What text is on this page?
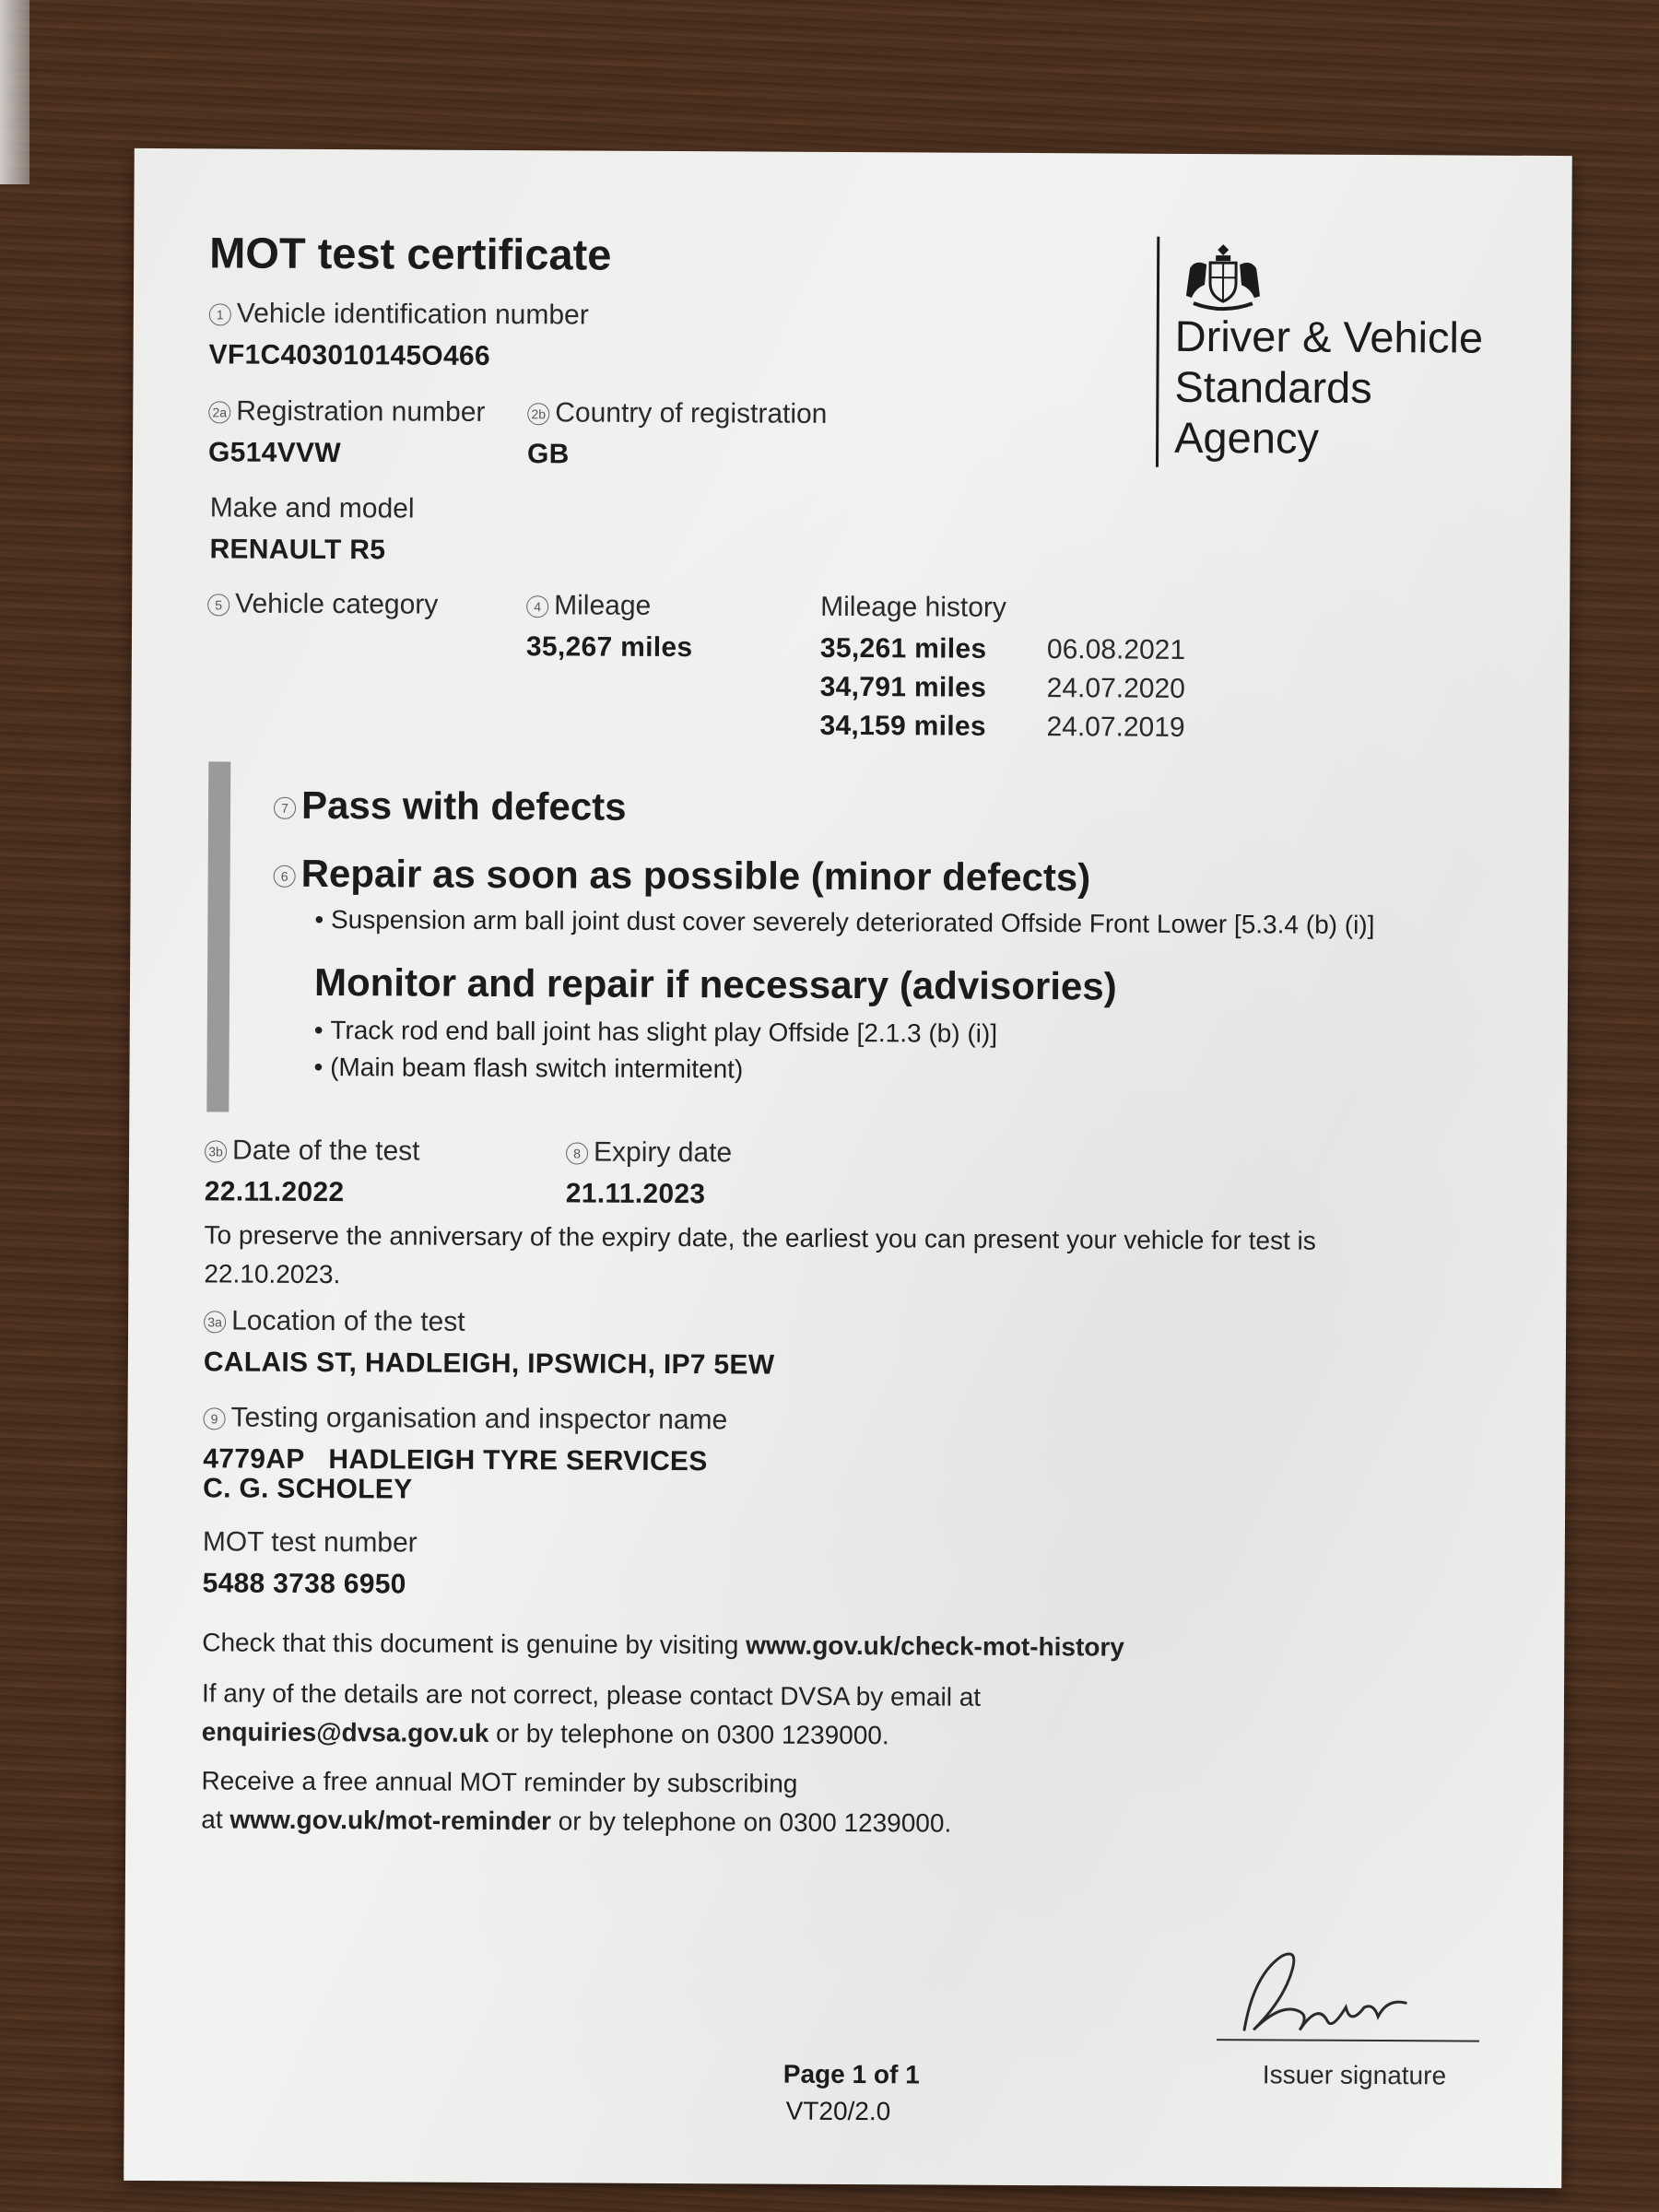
MOT test certificate
Driver & Vehicle
Standards
Agency
1 Vehicle identification number
VF1C403010145O466
2a Registration number
G514VVW
2b Country of registration
GB
Make and model
RENAULT R5
5 Vehicle category	4 Mileage
35,267 miles
Mileage history
35,261 miles 06.08.2021
34,791 miles 24.07.2020
34,159 miles 24.07.2019
7 Pass with defects
6 Repair as soon as possible (minor defects)
• Suspension arm ball joint dust cover severely deteriorated Offside Front Lower [5.3.4 (b) (i)]
Monitor and repair if necessary (advisories)
• Track rod end ball joint has slight play Offside [2.1.3 (b) (i)]
• (Main beam flash switch intermitent)
3b Date of the test
22.11.2022
8 Expiry date
21.11.2023
To preserve the anniversary of the expiry date, the earliest you can present your vehicle for test is
22.10.2023.
3a Location of the test
CALAIS ST, HADLEIGH, IPSWICH, IP7 5EW
9 Testing organisation and inspector name
4779AP HADLEIGH TYRE SERVICES
C. G. SCHOLEY
MOT test number
5488 3738 6950
Check that this document is genuine by visiting www.gov.uk/check-mot-history
If any of the details are not correct, please contact DVSA by email at
enquiries@dvsa.gov.uk or by telephone on 0300 1239000.
Receive a free annual MOT reminder by subscribing
at www.gov.uk/mot-reminder or by telephone on 0300 1239000.
Issuer signature
Page 1 of 1
VT20/2.0
